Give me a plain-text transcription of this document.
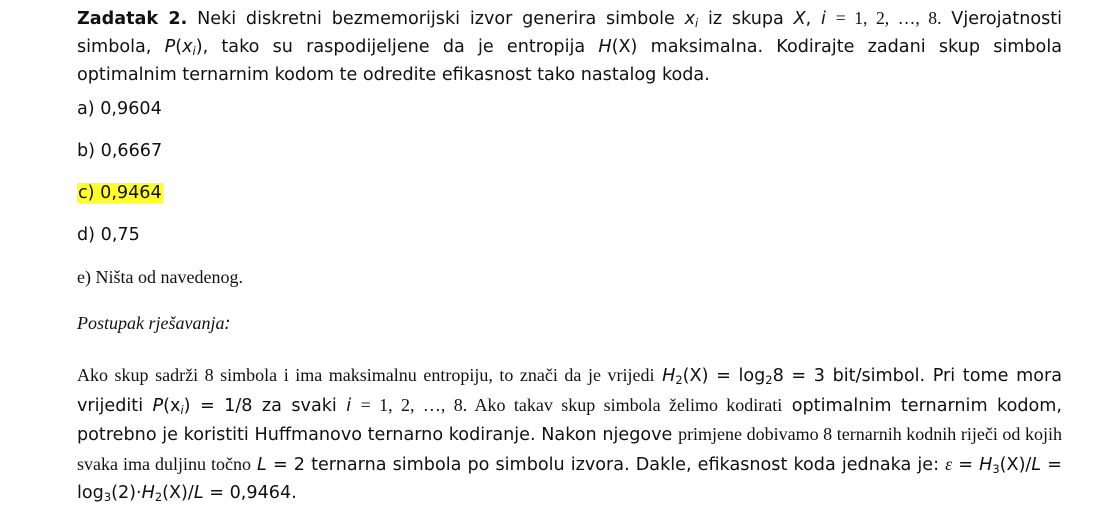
Zadatak 2. Neki diskretni bezmemorijski izvor generira simbole $x_i$ iz skupa X, i = 1, 2, …, 8. Vjerojatnosti simbola, $P(x_i)$, tako su raspodijeljene da je entropija H(X) maksimalna. Kodirajte zadani skup simbola optimalnim ternarnim kodom te odredite efikasnost tako nastalog koda.

a) 0,9604
b) 0,6667
c) 0,9464
d) 0,75
e) Ništa od navedenog.
Postupak rješavanja:

Ako skup sadrži 8 simbola i ima maksimalnu entropiju, to znači da je vrijedi $H_2(X) = \log_28 = 3$ bit/simbol. Pri tome mora vrijediti $P(x_i) = 1/8$ za svaki i = 1, 2, …, 8. Ako takav skup simbola želimo kodirati optimalnim ternarnim kodom, potrebno je koristiti Huffmanovo ternarno kodiranje. Nakon njegove primjene dobivamo 8 ternarnih kodnih riječi od kojih svaka ima duljinu točno L = 2 ternarna simbola po simbolu izvora. Dakle, efikasnost koda jednaka je: $\varepsilon = H_3(X)/L = \log_3(2)\cdot H_2(X)/L = 0,9464$.
